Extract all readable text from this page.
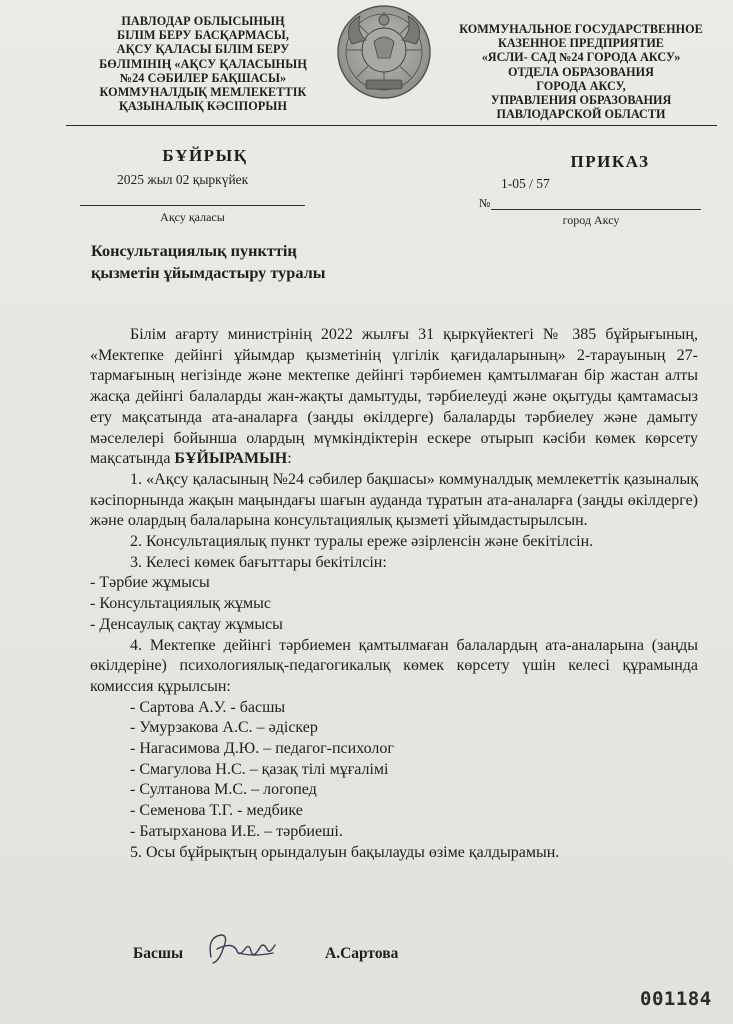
ПАВЛОДАР ОБЛЫСЫНЫҢ
БІЛІМ БЕРУ БАСҚАРМАСЫ,
АҚСУ ҚАЛАСЫ БІЛІМ БЕРУ
БӨЛІМІНІҢ «АҚСУ ҚАЛАСЫНЫҢ
№24 СӘБИЛЕР БАҚШАСЫ»
КОММУНАЛДЫҚ МЕМЛЕКЕТТІК
ҚАЗЫНАЛЫҚ КӘСІПОРЫН
КОММУНАЛЬНОЕ ГОСУДАРСТВЕННОЕ
КАЗЕННОЕ ПРЕДПРИЯТИЕ
«ЯСЛИ- САД №24 ГОРОДА АКСУ»
ОТДЕЛА ОБРАЗОВАНИЯ
ГОРОДА АКСУ,
УПРАВЛЕНИЯ ОБРАЗОВАНИЯ
ПАВЛОДАРСКОЙ ОБЛАСТИ
БҰЙРЫҚ	ПРИКАЗ
2025 жыл 02 қыркүйек	1-05 / 57
Ақсу қаласы
№
город Аксу
Консультациялық пункттің
қызметін ұйымдастыру туралы

Білім ағарту министрінің 2022 жылғы 31 қыркүйектегі № 385 бұйрығының, «Мектепке дейінгі ұйымдар қызметінің үлгілік қағидаларының» 2-тарауының 27-тармағының негізінде және мектепке дейінгі тәрбиемен қамтылмаған бір жастан алты жасқа дейінгі балаларды жан-жақты дамытуды, тәрбиелеуді және оқытуды қамтамасыз ету мақсатында ата-аналарға (заңды өкілдерге) балаларды тәрбиелеу және дамыту мәселелері бойынша олардың мүмкіндіктерін ескере отырып кәсіби көмек көрсету мақсатында БҰЙЫРАМЫН:

1. «Ақсу қаласының №24 сәбилер бақшасы» коммуналдық мемлекеттік қазыналық кәсіпорнында жақын маңындағы шағын ауданда тұратын ата-аналарға (заңды өкілдерге) және олардың балаларына консультациялық қызметі ұйымдастырылсын.

2. Консультациялық пункт туралы ереже әзірленсін және бекітілсін.

3. Келесі көмек бағыттары бекітілсін:

- Тәрбие жұмысы

- Консультациялық жұмыс

- Денсаулық сақтау жұмысы

4. Мектепке дейінгі тәрбиемен қамтылмаған балалардың ата-аналарына (заңды өкілдеріне) психологиялық-педагогикалық көмек көрсету үшін келесі құрамында комиссия құрылсын:

- Сартова А.У. - басшы

- Умурзакова А.С. – әдіскер

- Нагасимова Д.Ю. – педагог-психолог

- Смагулова Н.С. – қазақ тілі мұғалімі

- Султанова М.С. – логопед

- Семенова Т.Г. - медбике

- Батырханова И.Е. – тәрбиеші.

5. Осы бұйрықтың орындалуын бақылауды өзіме қалдырамын.

Басшы	А.Сартова
001184
